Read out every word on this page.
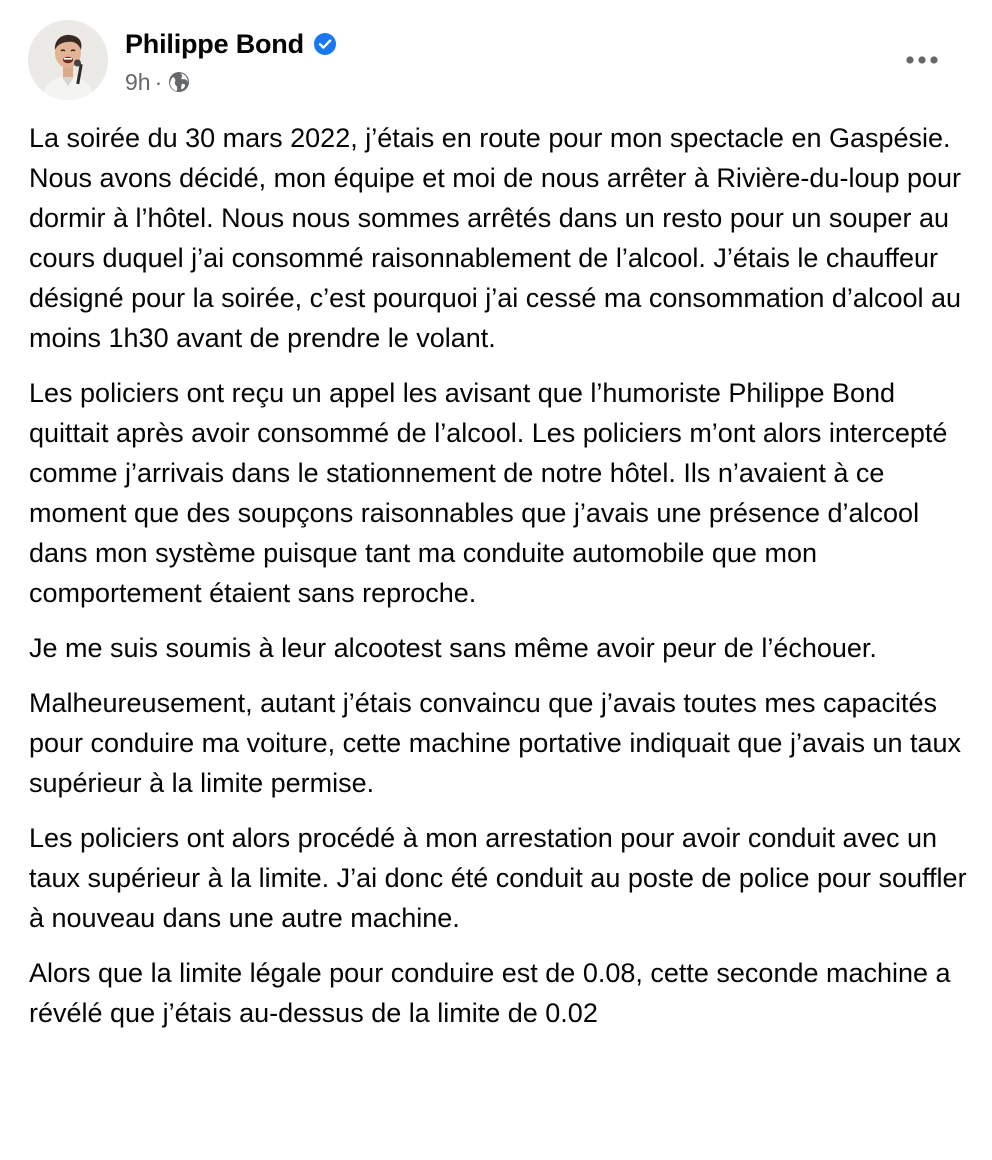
Philippe Bond
9h ·

La soirée du 30 mars 2022, j’étais en route pour mon spectacle en Gaspésie. Nous avons décidé, mon équipe et moi de nous arrêter à Rivière-du-loup pour dormir à l’hôtel. Nous nous sommes arrêtés dans un resto pour un souper au cours duquel j’ai consommé raisonnablement de l’alcool. J’étais le chauffeur désigné pour la soirée, c’est pourquoi j’ai cessé ma consommation d’alcool au moins 1h30 avant de prendre le volant.

Les policiers ont reçu un appel les avisant que l’humoriste Philippe Bond quittait après avoir consommé de l’alcool. Les policiers m’ont alors intercepté comme j’arrivais dans le stationnement de notre hôtel. Ils n’avaient à ce moment que des soupçons raisonnables que j’avais une présence d’alcool dans mon système puisque tant ma conduite automobile que mon comportement étaient sans reproche.

Je me suis soumis à leur alcootest sans même avoir peur de l’échouer.

Malheureusement, autant j’étais convaincu que j’avais toutes mes capacités pour conduire ma voiture, cette machine portative indiquait que j’avais un taux supérieur à la limite permise.

Les policiers ont alors procédé à mon arrestation pour avoir conduit avec un taux supérieur à la limite. J’ai donc été conduit au poste de police pour souffler à nouveau dans une autre machine.

Alors que la limite légale pour conduire est de 0.08, cette seconde machine a révélé que j’étais au-dessus de la limite de 0.02
